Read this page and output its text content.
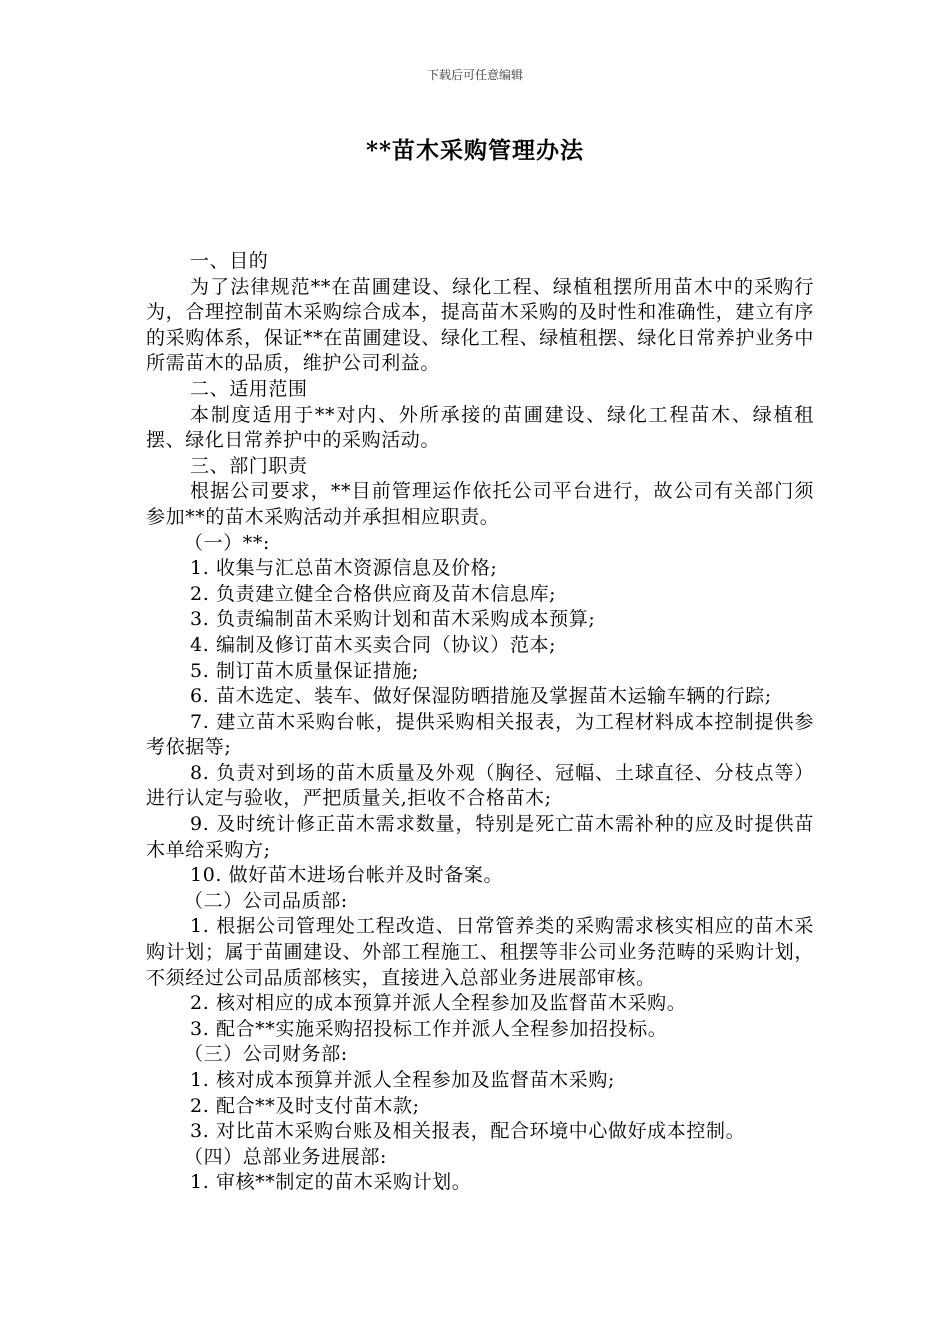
下载后可任意编辑
**苗木采购管理办法

一、目的

为了法律规范**在苗圃建设、绿化工程、绿植租摆所用苗木中的采购行为，合理控制苗木采购综合成本，提高苗木采购的及时性和准确性，建立有序的采购体系，保证**在苗圃建设、绿化工程、绿植租摆、绿化日常养护业务中所需苗木的品质，维护公司利益。

二、适用范围

本制度适用于**对内、外所承接的苗圃建设、绿化工程苗木、绿植租摆、绿化日常养护中的采购活动。

三、部门职责

根据公司要求，**目前管理运作依托公司平台进行，故公司有关部门须参加**的苗木采购活动并承担相应职责。

（一）**:

1. 收集与汇总苗木资源信息及价格;

2. 负责建立健全合格供应商及苗木信息库;

3. 负责编制苗木采购计划和苗木采购成本预算;

4. 编制及修订苗木买卖合同（协议）范本;

5. 制订苗木质量保证措施;

6. 苗木选定、装车、做好保湿防晒措施及掌握苗木运输车辆的行踪;

7. 建立苗木采购台帐，提供采购相关报表，为工程材料成本控制提供参考依据等;

8. 负责对到场的苗木质量及外观（胸径、冠幅、土球直径、分枝点等）进行认定与验收，严把质量关,拒收不合格苗木;

9. 及时统计修正苗木需求数量，特别是死亡苗木需补种的应及时提供苗木单给采购方;

10. 做好苗木进场台帐并及时备案。

（二）公司品质部:

1. 根据公司管理处工程改造、日常管养类的采购需求核实相应的苗木采购计划；属于苗圃建设、外部工程施工、租摆等非公司业务范畴的采购计划，不须经过公司品质部核实，直接进入总部业务进展部审核。

2. 核对相应的成本预算并派人全程参加及监督苗木采购。

3. 配合**实施采购招投标工作并派人全程参加招投标。

（三）公司财务部:

1. 核对成本预算并派人全程参加及监督苗木采购;

2. 配合**及时支付苗木款;

3. 对比苗木采购台账及相关报表，配合环境中心做好成本控制。

（四）总部业务进展部:

1. 审核**制定的苗木采购计划。
